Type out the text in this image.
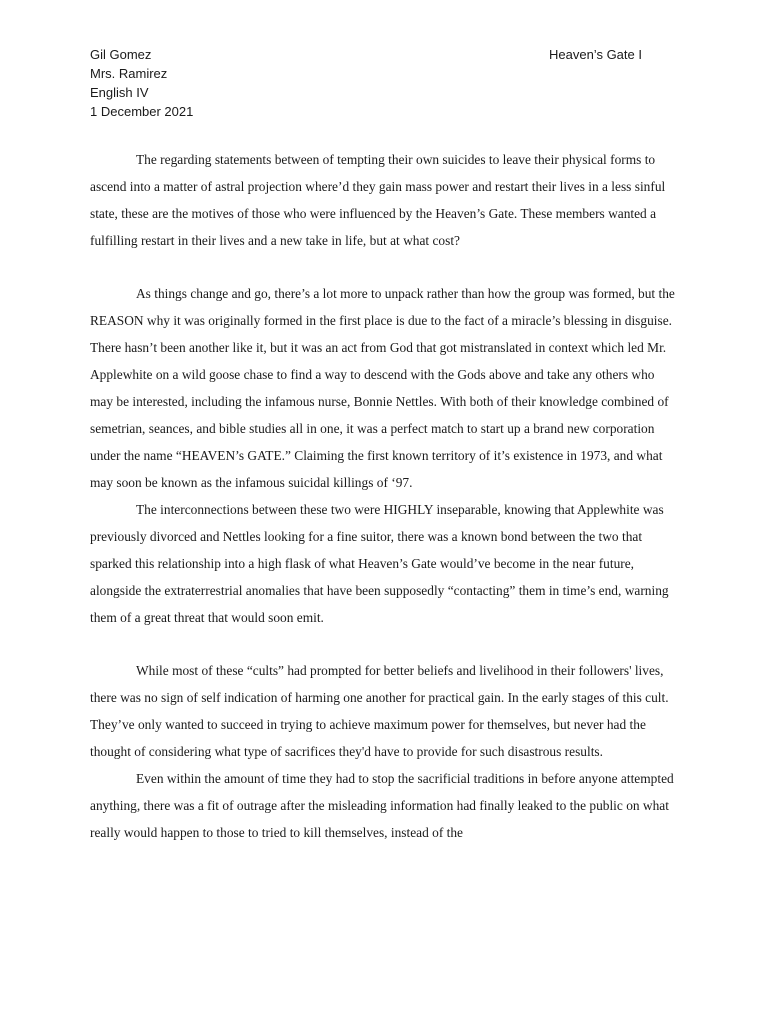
Gil Gomez
Mrs. Ramirez
English IV
1 December 2021
Heaven’s Gate I

The regarding statements between of tempting their own suicides to leave their physical forms to ascend into a matter of astral projection where’d they gain mass power and restart their lives in a less sinful state, these are the motives of those who were influenced by the Heaven’s Gate. These members wanted a fulfilling restart in their lives and a new take in life, but at what cost?

As things change and go, there’s a lot more to unpack rather than how the group was formed, but the REASON why it was originally formed in the first place is due to the fact of a miracle’s blessing in disguise. There hasn’t been another like it, but it was an act from God that got mistranslated in context which led Mr. Applewhite on a wild goose chase to find a way to descend with the Gods above and take any others who may be interested, including the infamous nurse, Bonnie Nettles. With both of their knowledge combined of semetrian, seances, and bible studies all in one, it was a perfect match to start up a brand new corporation under the name “HEAVEN’s GATE.” Claiming the first known territory of it’s existence in 1973, and what may soon be known as the infamous suicidal killings of ‘97.

The interconnections between these two were HIGHLY inseparable, knowing that Applewhite was previously divorced and Nettles looking for a fine suitor, there was a known bond between the two that sparked this relationship into a high flask of what Heaven’s Gate would’ve become in the near future, alongside the extraterrestrial anomalies that have been supposedly “contacting” them in time’s end, warning them of a great threat that would soon emit.

While most of these “cults” had prompted for better beliefs and livelihood in their followers' lives, there was no sign of self indication of harming one another for practical gain. In the early stages of this cult. They’ve only wanted to succeed in trying to achieve maximum power for themselves, but never had the thought of considering what type of sacrifices they'd have to provide for such disastrous results.

Even within the amount of time they had to stop the sacrificial traditions in before anyone attempted anything, there was a fit of outrage after the misleading information had finally leaked to the public on what really would happen to those to tried to kill themselves, instead of the
